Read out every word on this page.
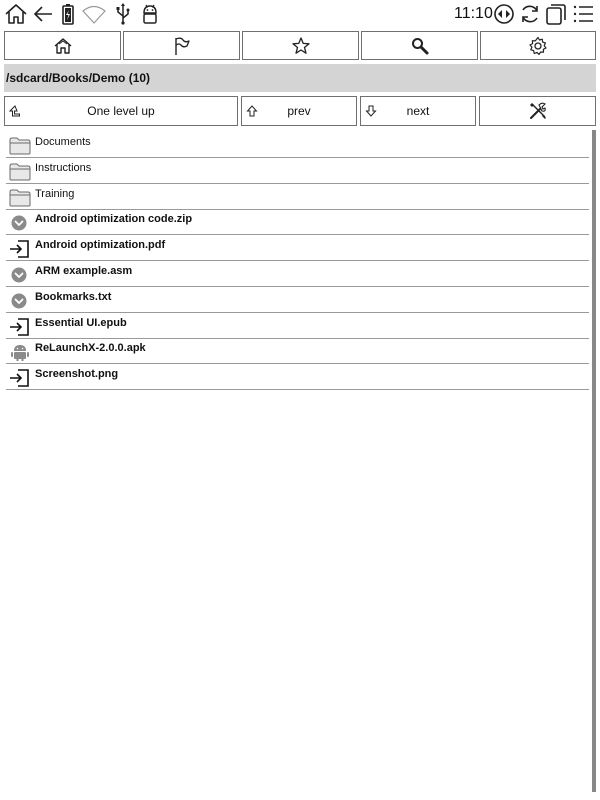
11:10
/sdcard/Books/Demo (10)
One level up	prev	next
Documents
Instructions
Training
Android optimization code.zip
Android optimization.pdf
ARM example.asm
Bookmarks.txt
Essential UI.epub
ReLaunchX-2.0.0.apk
Screenshot.png
